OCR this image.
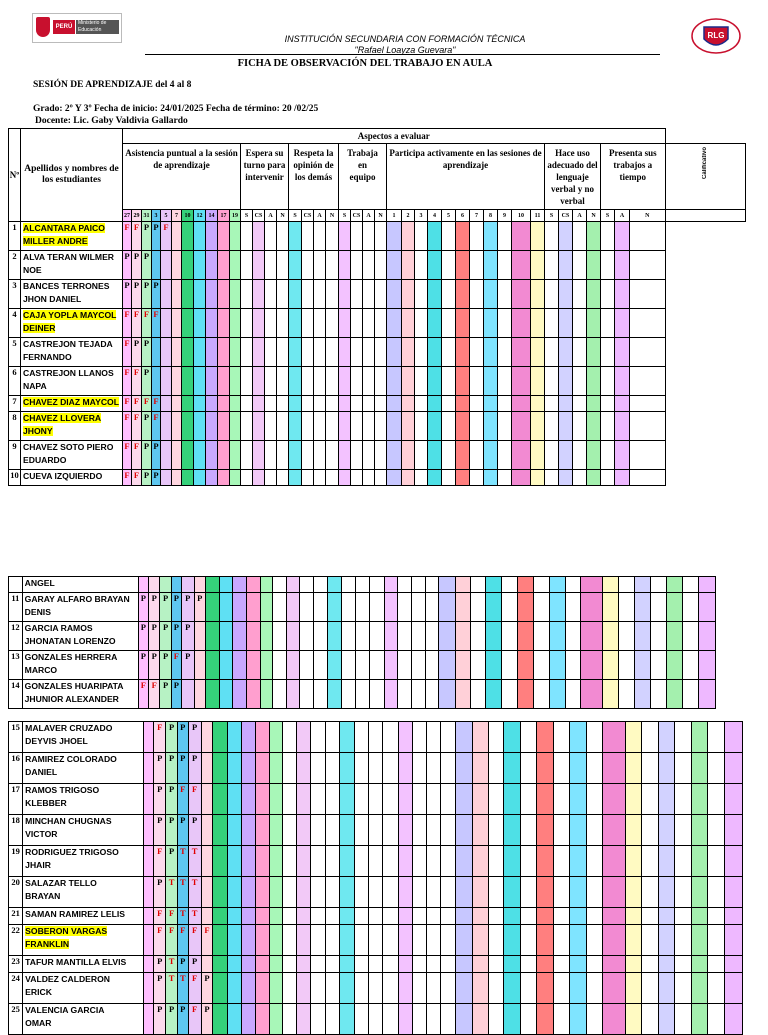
PERÚ
Ministerio de Educación
INSTITUCIÓN SECUNDARIA CON FORMACIÓN TÉCNICA
"Rafael Loayza Guevara"
FICHA DE OBSERVACIÓN DEL TRABAJO EN AULA
RLG
SESIÓN DE APRENDIZAJE del 4 al 8
Grado: 2º Y 3º Fecha de inicio: 24/01/2025 Fecha de término: 20 /02/25
Docente: Lic. Gaby Valdivia Gallardo
Nº	Apellidos y nombres de los estudiantes	Aspectos a evaluar																																									
		Asistencia puntual a la sesión de aprendizaje											Espera su turno para intervenir				Respeta la opinión de los demás				Trabaja en equipo				Participa activamente en las sesiones de aprendizaje											Hace uso adecuado del lenguaje verbal y no verbal				Presenta sus trabajos a tiempo			Calificativo

		27	29	31	3	5	7	10	12	14	17	19	S	CS	A	N	S	CS	A	N	S	CS	A	N	1	2	3	4	5	6	7	8	9	10	11	S	CS	A	N	S	A	N	
1	ALCANTARA PAICO
MILLER ANDRE	F	F	P	P	F																																					
2	ALVA TERAN WILMER
NOE	P	P	P																																							
3	BANCES TERRONES
JHON DANIEL	P	P	P	P																																						
4	CAJA YOPLA MAYCOL
DEINER	F	F	F	F																																						
5	CASTREJON TEJADA
FERNANDO	F	P	P																																							
6	CASTREJON LLANOS
NAPA	F	F	P																																							
7	CHAVEZ DIAZ MAYCOL	F	F	F	F																																						
8	CHAVEZ LLOVERA
JHONY	F	F	P	F																																						
9	CHAVEZ SOTO PIERO
EDUARDO	F	F	P	P																																						
10	CUEVA IZQUIERDO	F	F	P	P																																						

	ANGEL																																								

11	GARAY ALFARO BRAYAN
DENIS	P	P	P	P	P	P																																		
12	GARCIA RAMOS
JHONATAN LORENZO	P	P	P	P	P																																			
13	GONZALES HERRERA
MARCO	P	P	P	F	P																																			
14	GONZALES HUARIPATA
JHUNIOR ALEXANDER	F	F	P	P																																				
15	MALAVER CRUZADO
DEYVIS JHOEL		F	P	P	P																																			
16	RAMIREZ COLORADO
DANIEL		P	P	P	P																																			
17	RAMOS TRIGOSO
KLEBBER		P	P	F	F																																			
18	MINCHAN CHUGNAS
VICTOR		P	P	P	P																																			
19	RODRIGUEZ TRIGOSO
JHAIR		F	P	T	T																																			
20	SALAZAR TELLO
BRAYAN		P	T	T	T																																			
21	SAMAN RAMIREZ LELIS		F	F	T	T																																			
22	SOBERON VARGAS
FRANKLIN		F	F	F	F	F																																		
23	TAFUR MANTILLA ELVIS		P	T	P	P																																			
24	VALDEZ CALDERON
ERICK		P	T	T	F	P																																		
25	VALENCIA GARCIA
OMAR		P	P	P	F	P																																		
